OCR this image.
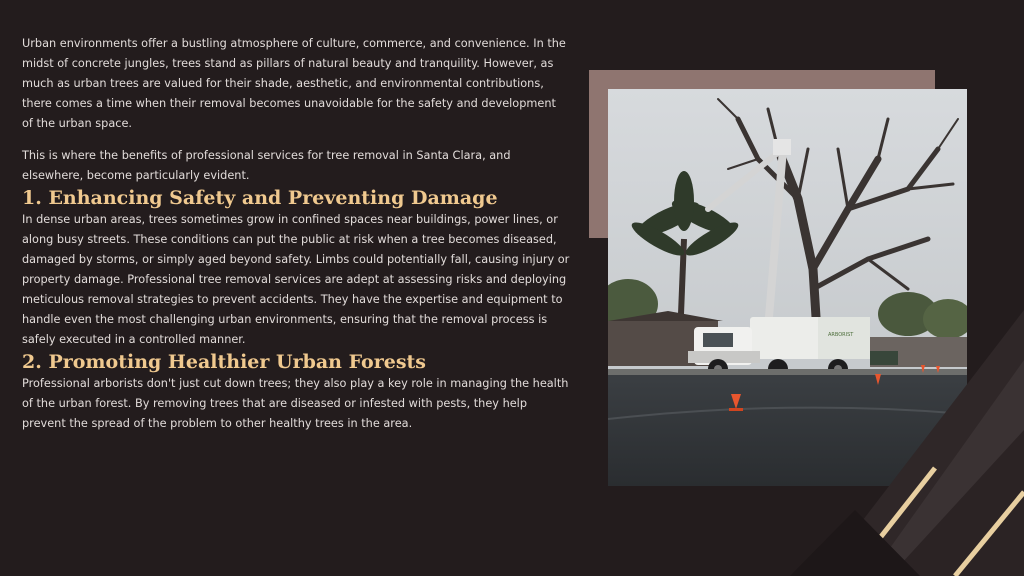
Urban environments offer a bustling atmosphere of culture, commerce, and convenience. In the midst of concrete jungles, trees stand as pillars of natural beauty and tranquility. However, as much as urban trees are valued for their shade, aesthetic, and environmental contributions, there comes a time when their removal becomes unavoidable for the safety and development of the urban space.

This is where the benefits of professional services for tree removal in Santa Clara, and elsewhere, become particularly evident.

1. Enhancing Safety and Preventing Damage

In dense urban areas, trees sometimes grow in confined spaces near buildings, power lines, or along busy streets. These conditions can put the public at risk when a tree becomes diseased, damaged by storms, or simply aged beyond safety. Limbs could potentially fall, causing injury or property damage. Professional tree removal services are adept at assessing risks and deploying meticulous removal strategies to prevent accidents. They have the expertise and equipment to handle even the most challenging urban environments, ensuring that the removal process is safely executed in a controlled manner.

2. Promoting Healthier Urban Forests

Professional arborists don't just cut down trees; they also play a key role in managing the health of the urban forest. By removing trees that are diseased or infested with pests, they help prevent the spread of the problem to other healthy trees in the area.

ARBORIST
